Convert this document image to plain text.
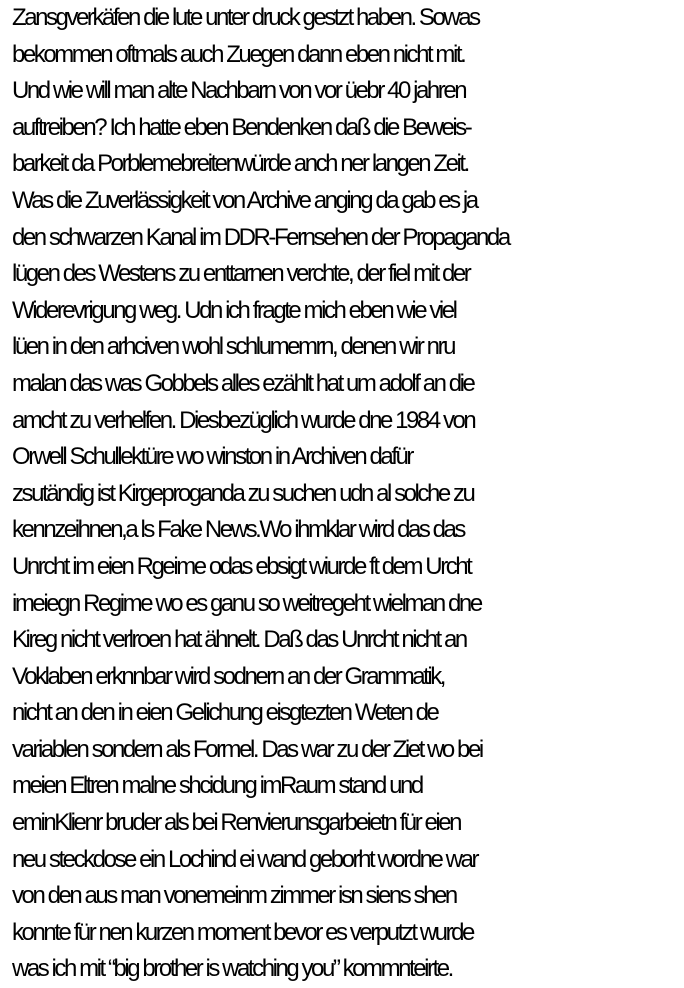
Zansgverkäfen die lute unter druck gestzt haben. Sowas
bekommen oftmals auch Zuegen dann eben nicht mit.
Und wie will man alte Nachbarn von vor üebr 40 jahren
auftreiben? Ich hatte eben Bendenken daß die Beweis-
barkeit da Porblemebreitenwürde anch ner langen Zeit.
Was die Zuverlässigkeit von Archive anging da gab es ja
den schwarzen Kanal im DDR-Fernsehen der Propaganda
lügen des Westens zu enttarnen verchte, der fiel mit der
Widerevrigung weg. Udn ich fragte mich eben wie viel
lüen in den arhciven wohl schlumemrn, denen wir nru
malan das was Gobbels alles ezählt hat um adolf an die
amcht zu verhelfen. Diesbezüglich wurde dne 1984 von
Orwell Schullektüre wo winston in Archiven dafür
zsutändig ist Kirgeproganda zu suchen udn al solche zu
kennzeihnen,a ls Fake News.Wo ihmklar wird das das
Unrcht im eien Rgeime odas ebsigt wiurde ft dem Urcht
imeiegn Regime wo es ganu so weitregeht wielman dne
Kireg nicht verlroen hat ähnelt. Daß das Unrcht nicht an
Voklaben erknnbar wird sodnern an der Grammatik,
nicht an den in eien Gelichung eisgtezten Weten de
variablen sondern als Formel. Das war zu der Ziet wo bei
meien Eltren malne shcidung imRaum stand und
eminKlienr bruder als bei Renvierunsgarbeietn für eien
neu steckdose ein Lochind ei wand geborht wordne war
von den aus man vonemeinm zimmer isn siens shen
konnte für nen kurzen moment bevor es verputzt wurde
was ich mit “big brother is watching you” kommnteirte.
